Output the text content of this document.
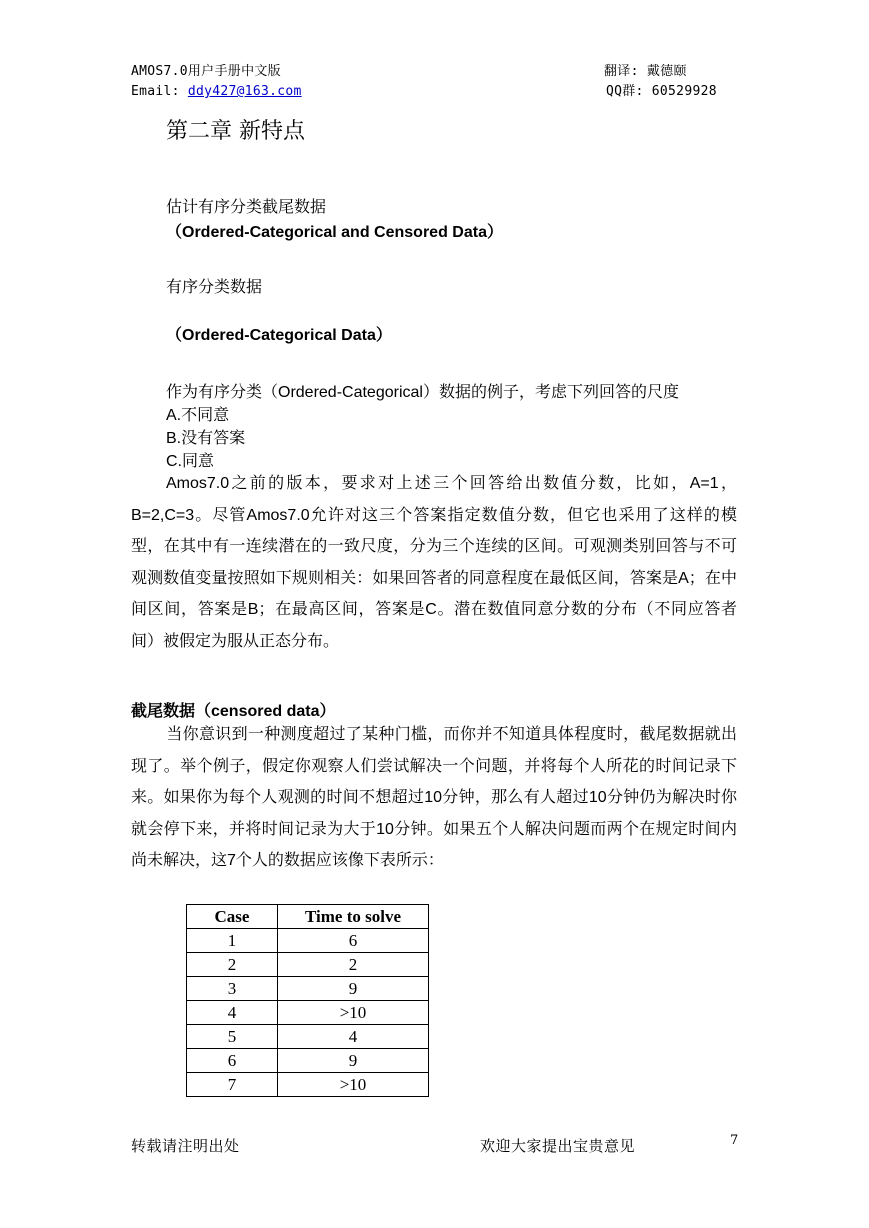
AMOS7.0用户手册中文版
Email: ddy427@163.com
翻译: 戴德颐
QQ群: 60529928
第二章 新特点
估计有序分类截尾数据
（Ordered-Categorical and Censored Data）
有序分类数据
（Ordered-Categorical Data）
作为有序分类（Ordered-Categorical）数据的例子，考虑下列回答的尺度
A.不同意
B.没有答案
C.同意
Amos7.0之前的版本，要求对上述三个回答给出数值分数，比如，A=1，B=2,C=3。尽管Amos7.0允许对这三个答案指定数值分数，但它也采用了这样的模型，在其中有一连续潜在的一致尺度，分为三个连续的区间。可观测类别回答与不可观测数值变量按照如下规则相关：如果回答者的同意程度在最低区间，答案是A；在中间区间，答案是B；在最高区间，答案是C。潜在数值同意分数的分布（不同应答者间）被假定为服从正态分布。
截尾数据（censored data）
当你意识到一种测度超过了某种门槛，而你并不知道具体程度时，截尾数据就出现了。举个例子，假定你观察人们尝试解决一个问题，并将每个人所花的时间记录下来。如果你为每个人观测的时间不想超过10分钟，那么有人超过10分钟仍为解决时你就会停下来，并将时间记录为大于10分钟。如果五个人解决问题而两个在规定时间内尚未解决，这7个人的数据应该像下表所示：
Case	Time to solve
1	6
2	2
3	9
4	>10
5	4
6	9
7	>10
转载请注明出处	欢迎大家提出宝贵意见	7
